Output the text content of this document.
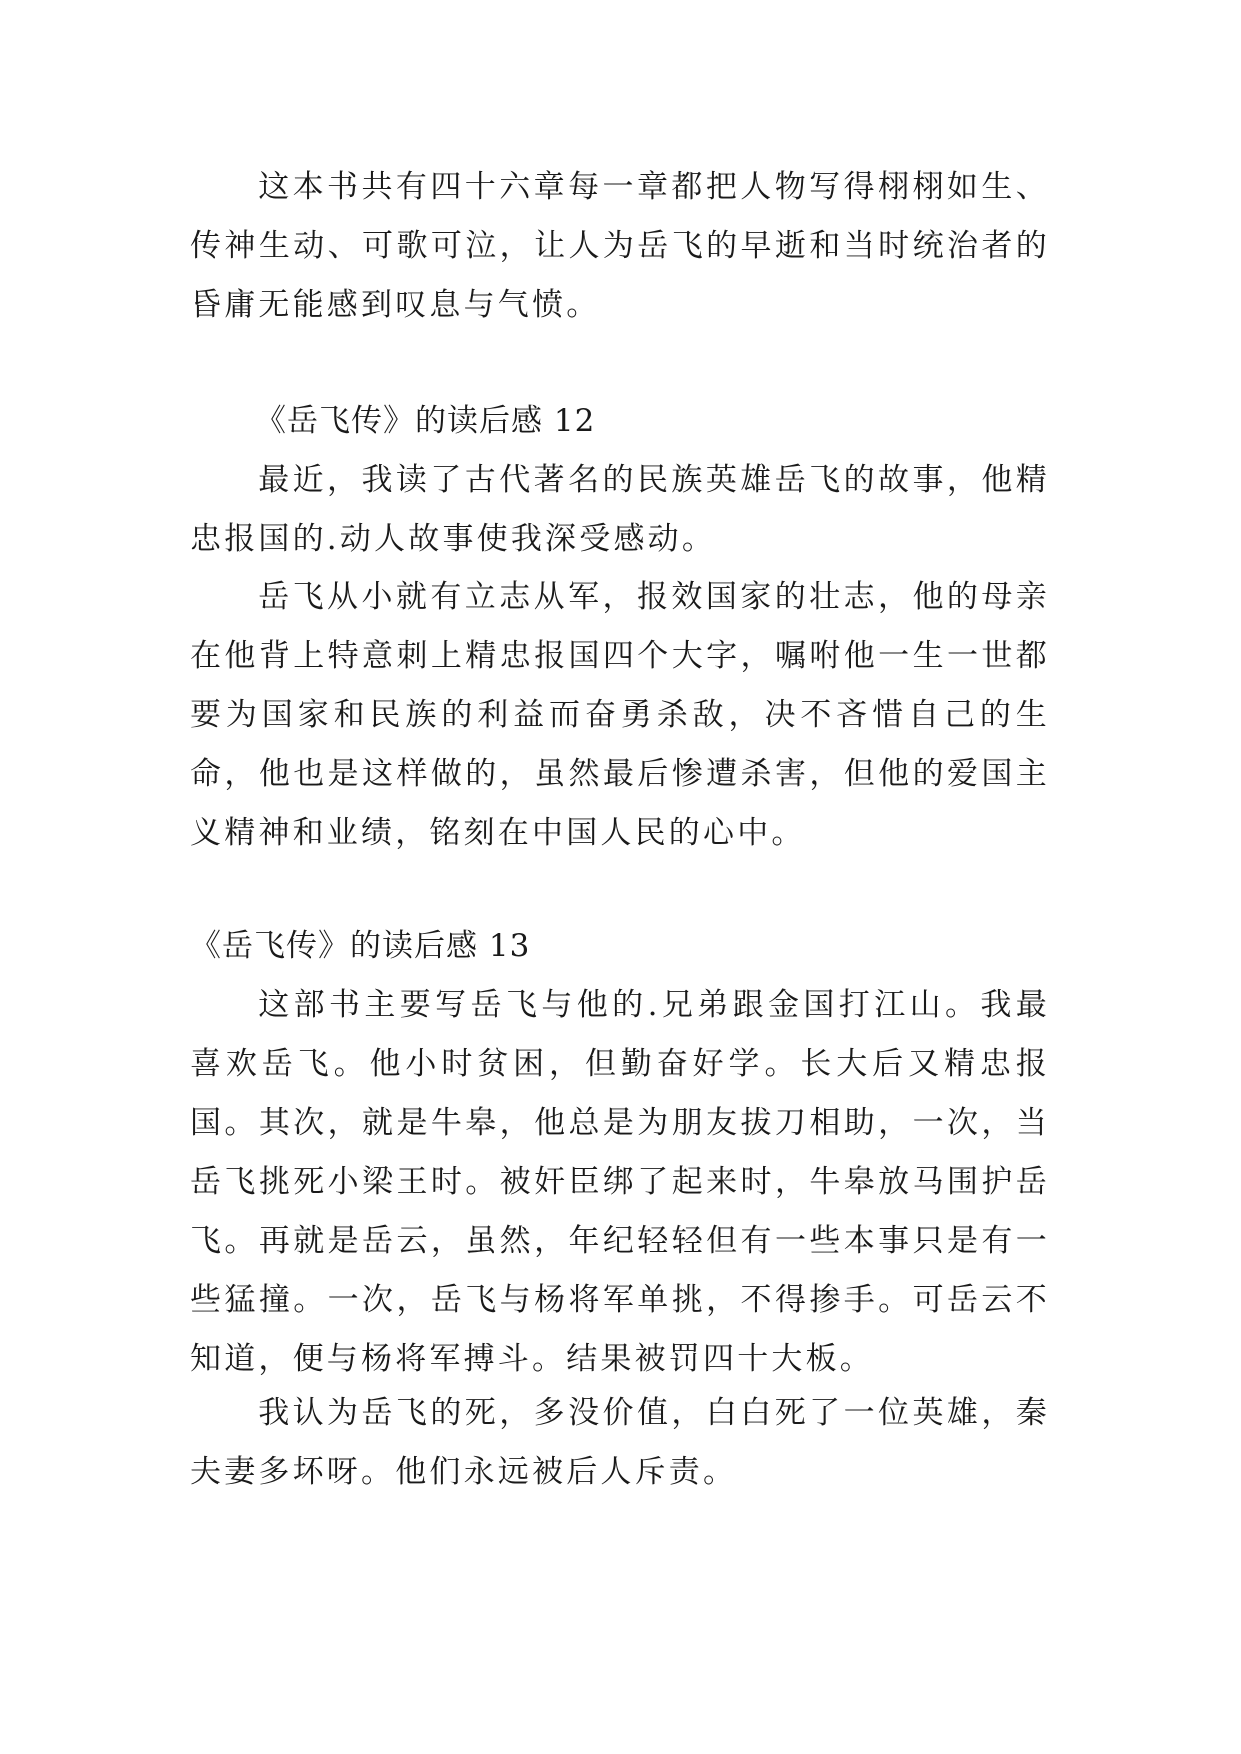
这本书共有四十六章每一章都把人物写得栩栩如生、传神生动、可歌可泣，让人为岳飞的早逝和当时统治者的昏庸无能感到叹息与气愤。

《岳飞传》的读后感 12

最近，我读了古代著名的民族英雄岳飞的故事，他精忠报国的.动人故事使我深受感动。

岳飞从小就有立志从军，报效国家的壮志，他的母亲在他背上特意刺上精忠报国四个大字，嘱咐他一生一世都要为国家和民族的利益而奋勇杀敌，决不吝惜自己的生命，他也是这样做的，虽然最后惨遭杀害，但他的爱国主义精神和业绩，铭刻在中国人民的心中。

《岳飞传》的读后感 13

这部书主要写岳飞与他的.兄弟跟金国打江山。我最喜欢岳飞。他小时贫困，但勤奋好学。长大后又精忠报国。其次，就是牛皋，他总是为朋友拔刀相助，一次，当岳飞挑死小梁王时。被奸臣绑了起来时，牛皋放马围护岳飞。再就是岳云，虽然，年纪轻轻但有一些本事只是有一些猛撞。一次，岳飞与杨将军单挑，不得掺手。可岳云不知道，便与杨将军搏斗。结果被罚四十大板。

我认为岳飞的死，多没价值，白白死了一位英雄，秦夫妻多坏呀。他们永远被后人斥责。
